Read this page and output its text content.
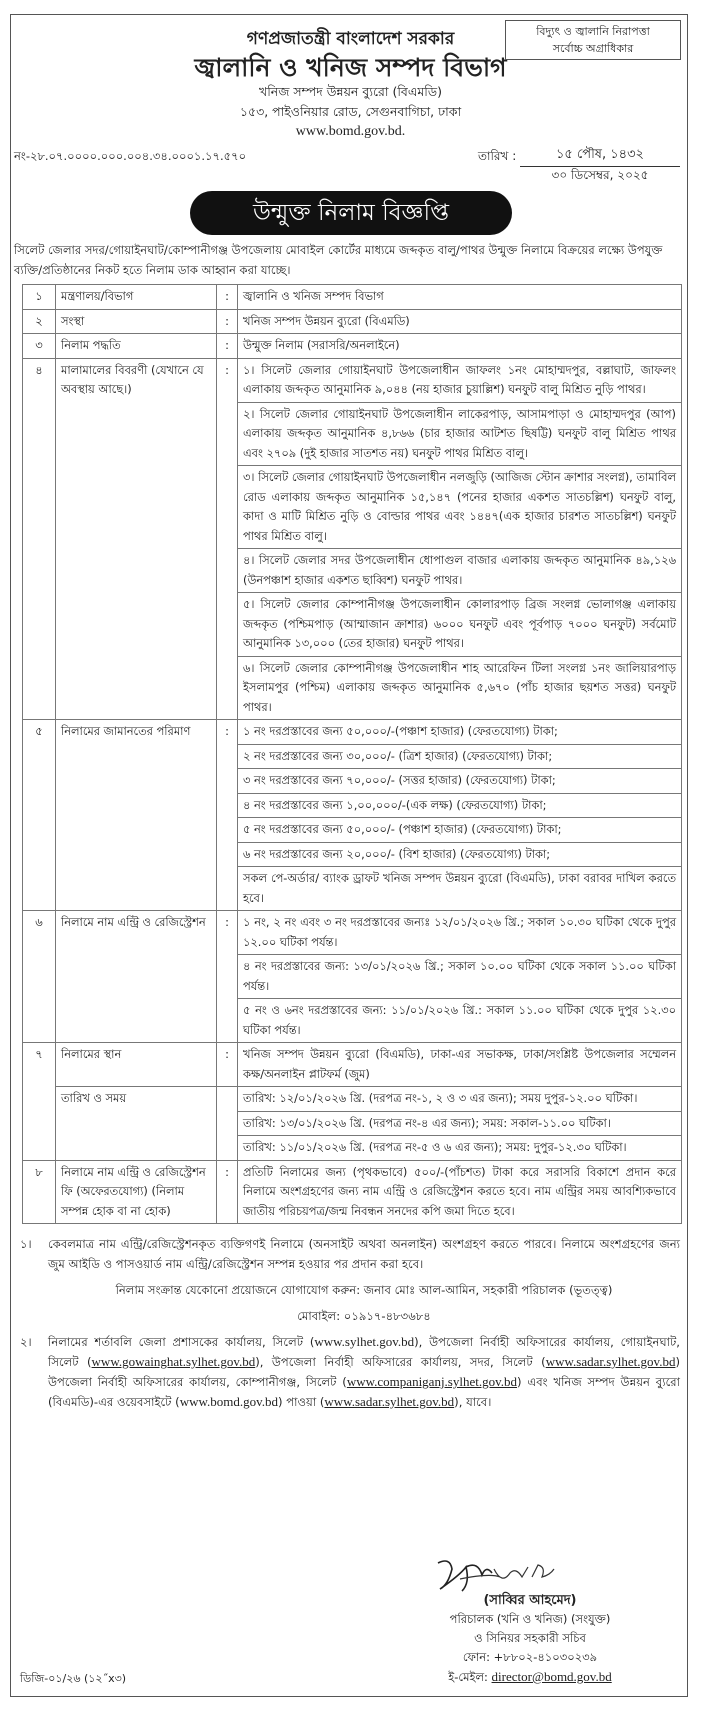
গণপ্রজাতন্ত্রী বাংলাদেশ সরকার
জ্বালানি ও খনিজ সম্পদ বিভাগ
খনিজ সম্পদ উন্নয়ন ব্যুরো (বিএমডি)
১৫৩, পাইওনিয়ার রোড, সেগুনবাগিচা, ঢাকা
www.bomd.gov.bd.
বিদ্যুৎ ও জ্বালানি নিরাপত্তা
সর্বোচ্চ অগ্রাধিকার
নং-২৮.০৭.০০০০.০০০.০০৪.৩৪.০০০১.১৭.৫৭০	তারিখ :	১৫ পৌষ, ১৪৩২
৩০ ডিসেম্বর, ২০২৫
উন্মুক্ত নিলাম বিজ্ঞপ্তি
সিলেট জেলার সদর/গোয়াইনঘাট/কোম্পানীগঞ্জ উপজেলায় মোবাইল কোর্টের মাধ্যমে জব্দকৃত বালু/পাথর উন্মুক্ত নিলামে বিক্রয়ের লক্ষ্যে উপযুক্ত ব্যক্তি/প্রতিষ্ঠানের নিকট হতে নিলাম ডাক আহ্বান করা যাচ্ছে।
১	মন্ত্রণালয়/বিভাগ	:	জ্বালানি ও খনিজ সম্পদ বিভাগ
২	সংস্থা	:	খনিজ সম্পদ উন্নয়ন ব্যুরো (বিএমডি)
৩	নিলাম পদ্ধতি	:	উন্মুক্ত নিলাম (সরাসরি/অনলাইনে)
৪	মালামালের বিবরণী (যেখানে যে অবস্থায় আছে।)	:	১। সিলেট জেলার গোয়াইনঘাট উপজেলাধীন জাফলং ১নং মোহাম্মদপুর, বল্লাঘাট, জাফলং এলাকায় জব্দকৃত আনুমানিক ৯,০৪৪ (নয় হাজার চুয়াল্লিশ) ঘনফুট বালু মিশ্রিত নুড়ি পাথর।
			২। সিলেট জেলার গোয়াইনঘাট উপজেলাধীন লাকেরপাড়, আসামপাড়া ও মোহাম্মদপুর (আপ) এলাকায় জব্দকৃত আনুমানিক ৪,৮৬৬ (চার হাজার আটশত ছিষট্টি) ঘনফুট বালু মিশ্রিত পাথর এবং ২৭০৯ (দুই হাজার সাতশত নয়) ঘনফুট পাথর মিশ্রিত বালু।
			৩। সিলেট জেলার গোয়াইনঘাট উপজেলাধীন নলজুড়ি (আজিজ স্টোন ক্রাশার সংলগ্ন), তামাবিল রোড এলাকায় জব্দকৃত আনুমানিক ১৫,১৪৭ (পনের হাজার একশত সাতচল্লিশ) ঘনফুট বালু, কাদা ও মাটি মিশ্রিত নুড়ি ও বোল্ডার পাথর এবং ১৪৪৭(এক হাজার চারশত সাতচল্লিশ) ঘনফুট পাথর মিশ্রিত বালু।
			৪। সিলেট জেলার সদর উপজেলাধীন ধোপাগুল বাজার এলাকায় জব্দকৃত আনুমানিক ৪৯,১২৬ (উনপঞ্চাশ হাজার একশত ছাব্বিশ) ঘনফুট পাথর।
			৫। সিলেট জেলার কোম্পানীগঞ্জ উপজেলাধীন কোলারপাড় ব্রিজ সংলগ্ন ভোলাগঞ্জ এলাকায় জব্দকৃত (পশ্চিমপাড় (আম্মাজান ক্রাশার) ৬০০০ ঘনফুট এবং পূর্বপাড় ৭০০০ ঘনফুট) সর্বমোট আনুমানিক ১৩,০০০ (তের হাজার) ঘনফুট পাথর।
			৬। সিলেট জেলার কোম্পানীগঞ্জ উপজেলাধীন শাহ আরেফিন টিলা সংলগ্ন ১নং জালিয়ারপাড় ইসলামপুর (পশ্চিম) এলাকায় জব্দকৃত আনুমানিক ৫,৬৭০ (পাঁচ হাজার ছয়শত সত্তর) ঘনফুট পাথর।
৫	নিলামের জামানতের পরিমাণ	:	১ নং দরপ্রস্তাবের জন্য ৫০,০০০/-(পঞ্চাশ হাজার) (ফেরতযোগ্য) টাকা;
			২ নং দরপ্রস্তাবের জন্য ৩০,০০০/- (ত্রিশ হাজার) (ফেরতযোগ্য) টাকা;
			৩ নং দরপ্রস্তাবের জন্য ৭০,০০০/- (সত্তর হাজার) (ফেরতযোগ্য) টাকা;
			৪ নং দরপ্রস্তাবের জন্য ১,০০,০০০/-(এক লক্ষ) (ফেরতযোগ্য) টাকা;
			৫ নং দরপ্রস্তাবের জন্য ৫০,০০০/- (পঞ্চাশ হাজার) (ফেরতযোগ্য) টাকা;
			৬ নং দরপ্রস্তাবের জন্য ২০,০০০/- (বিশ হাজার) (ফেরতযোগ্য) টাকা;
			সকল পে-অর্ডার/ ব্যাংক ড্রাফট খনিজ সম্পদ উন্নয়ন ব্যুরো (বিএমডি), ঢাকা বরাবর দাখিল করতে হবে।
৬	নিলামে নাম এন্ট্রি ও রেজিস্ট্রেশন	:	১ নং, ২ নং এবং ৩ নং দরপ্রস্তাবের জন্যঃ ১২/০১/২০২৬ খ্রি.; সকাল ১০.৩০ ঘটিকা থেকে দুপুর ১২.০০ ঘটিকা পর্যন্ত।
			৪ নং দরপ্রস্তাবের জন্য: ১৩/০১/২০২৬ খ্রি.; সকাল ১০.০০ ঘটিকা থেকে সকাল ১১.০০ ঘটিকা পর্যন্ত।
			৫ নং ও ৬নং দরপ্রস্তাবের জন্য: ১১/০১/২০২৬ খ্রি.: সকাল ১১.০০ ঘটিকা থেকে দুপুর ১২.৩০ ঘটিকা পর্যন্ত।
৭	নিলামের স্থান	:	খনিজ সম্পদ উন্নয়ন ব্যুরো (বিএমডি), ঢাকা-এর সভাকক্ষ, ঢাকা/সংশ্লিষ্ট উপজেলার সম্মেলন কক্ষ/অনলাইন প্লাটফর্ম (জুম)
	তারিখ ও সময়		তারিখ: ১২/০১/২০২৬ খ্রি. (দরপত্র নং-১, ২ ও ৩ এর জন্য); সময় দুপুর-১২.০০ ঘটিকা।
			তারিখ: ১৩/০১/২০২৬ খ্রি. (দরপত্র নং-৪ এর জন্য); সময়: সকাল-১১.০০ ঘটিকা।
			তারিখ: ১১/০১/২০২৬ খ্রি. (দরপত্র নং-৫ ও ৬ এর জন্য); সময়: দুপুর-১২.৩০ ঘটিকা।
৮	নিলামে নাম এন্ট্রি ও রেজিস্ট্রেশন ফি (অফেরতযোগ্য) (নিলাম সম্পন্ন হোক বা না হোক)	:	প্রতিটি নিলামের জন্য (পৃথকভাবে) ৫০০/-(পাঁচশত) টাকা করে সরাসরি বিকাশে প্রদান করে নিলামে অংশগ্রহণের জন্য নাম এন্ট্রি ও রেজিস্ট্রেশন করতে হবে। নাম এন্ট্রির সময় আবশ্যিকভাবে জাতীয় পরিচয়পত্র/জন্ম নিবন্ধন সনদের কপি জমা দিতে হবে।
১।	কেবলমাত্র নাম এন্ট্রি/রেজিস্ট্রেশনকৃত ব্যক্তিগণই নিলামে (অনসাইট অথবা অনলাইন) অংশগ্রহণ করতে পারবে। নিলামে অংশগ্রহণের জন্য জুম আইডি ও পাসওয়ার্ড নাম এন্ট্রি/রেজিস্ট্রেশন সম্পন্ন হওয়ার পর প্রদান করা হবে।
নিলাম সংক্রান্ত যেকোনো প্রয়োজনে যোগাযোগ করুন: জনাব মোঃ আল-আমিন, সহকারী পরিচালক (ভূতত্ত্ব)
মোবাইল: ০১৯১৭-৪৮৩৬৮৪
২।	নিলামের শর্তাবলি জেলা প্রশাসকের কার্যালয়, সিলেট (www.sylhet.gov.bd), উপজেলা নির্বাহী অফিসারের কার্যালয়, গোয়াইনঘাট, সিলেট (www.gowainghat.sylhet.gov.bd), উপজেলা নির্বাহী অফিসারের কার্যালয়, সদর, সিলেট (www.sadar.sylhet.gov.bd) উপজেলা নির্বাহী অফিসারের কার্যালয়, কোম্পানীগঞ্জ, সিলেট (www.companiganj.sylhet.gov.bd) এবং খনিজ সম্পদ উন্নয়ন ব্যুরো (বিএমডি)-এর ওয়েবসাইটে (www.bomd.gov.bd) পাওয়া (www.sadar.sylhet.gov.bd), যাবে।
(সাব্বির আহমেদ)
পরিচালক (খনি ও খনিজ) (সংযুক্ত)
ও সিনিয়র সহকারী সচিব
ফোন: +৮৮০২-৪১০৩০২৩৯
ই-মেইল: director@bomd.gov.bd
ডিজি-০১/২৬ (১২˝x৩)
